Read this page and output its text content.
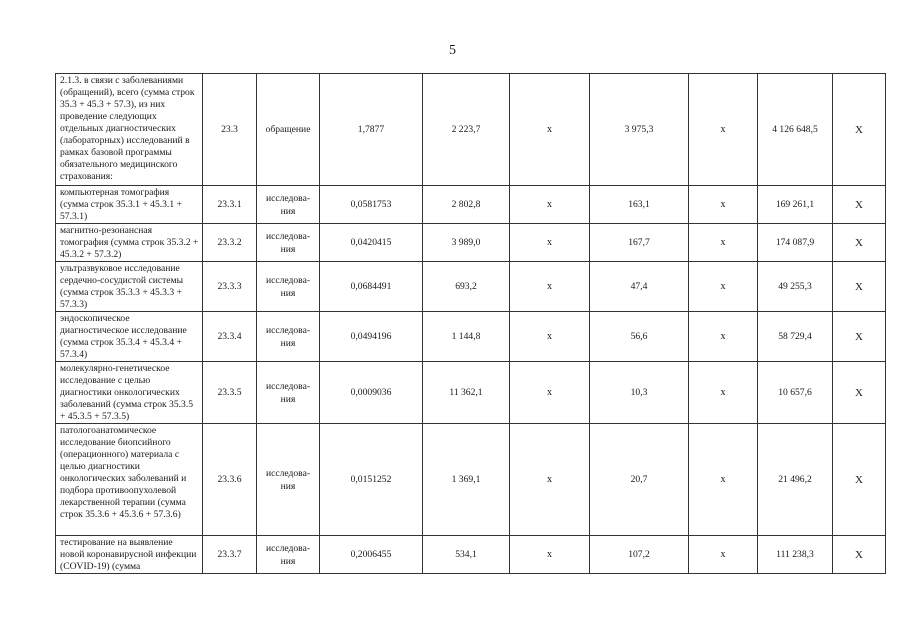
5
2.1.3. в связи с заболеваниями (обращений), всего (сумма строк 35.3 + 45.3 + 57.3), из них проведение следующих отдельных диагностических (лабораторных) исследований в рамках базовой программы обязательного медицинского страхования:	23.3	обращение	1,7877	2 223,7	х	3 975,3	х	4 126 648,5	Х
компьютерная томография (сумма строк 35.3.1 + 45.3.1 + 57.3.1)	23.3.1	исследова-ния	0,0581753	2 802,8	х	163,1	х	169 261,1	Х
магнитно-резонансная томография (сумма строк 35.3.2 + 45.3.2 + 57.3.2)	23.3.2	исследова-ния	0,0420415	3 989,0	х	167,7	х	174 087,9	Х
ультразвуковое исследование сердечно-сосудистой системы (сумма строк 35.3.3 + 45.3.3 + 57.3.3)	23.3.3	исследова-ния	0,0684491	693,2	х	47,4	х	49 255,3	Х
эндоскопическое диагностическое исследование (сумма строк 35.3.4 + 45.3.4 + 57.3.4)	23.3.4	исследова-ния	0,0494196	1 144,8	х	56,6	х	58 729,4	Х
молекулярно-генетическое исследование с целью диагностики онкологических заболеваний (сумма строк 35.3.5 + 45.3.5 + 57.3.5)	23.3.5	исследова-ния	0,0009036	11 362,1	х	10,3	х	10 657,6	Х
патологоанатомическое исследование биопсийного (операционного) материала с целью диагностики онкологических заболеваний и подбора противоопухолевой лекарственной терапии (сумма строк 35.3.6 + 45.3.6 + 57.3.6)	23.3.6	исследова-ния	0,0151252	1 369,1	х	20,7	х	21 496,2	Х
тестирование на выявление новой коронавирусной инфекции (COVID-19) (сумма	23.3.7	исследова-ния	0,2006455	534,1	х	107,2	х	111 238,3	Х
